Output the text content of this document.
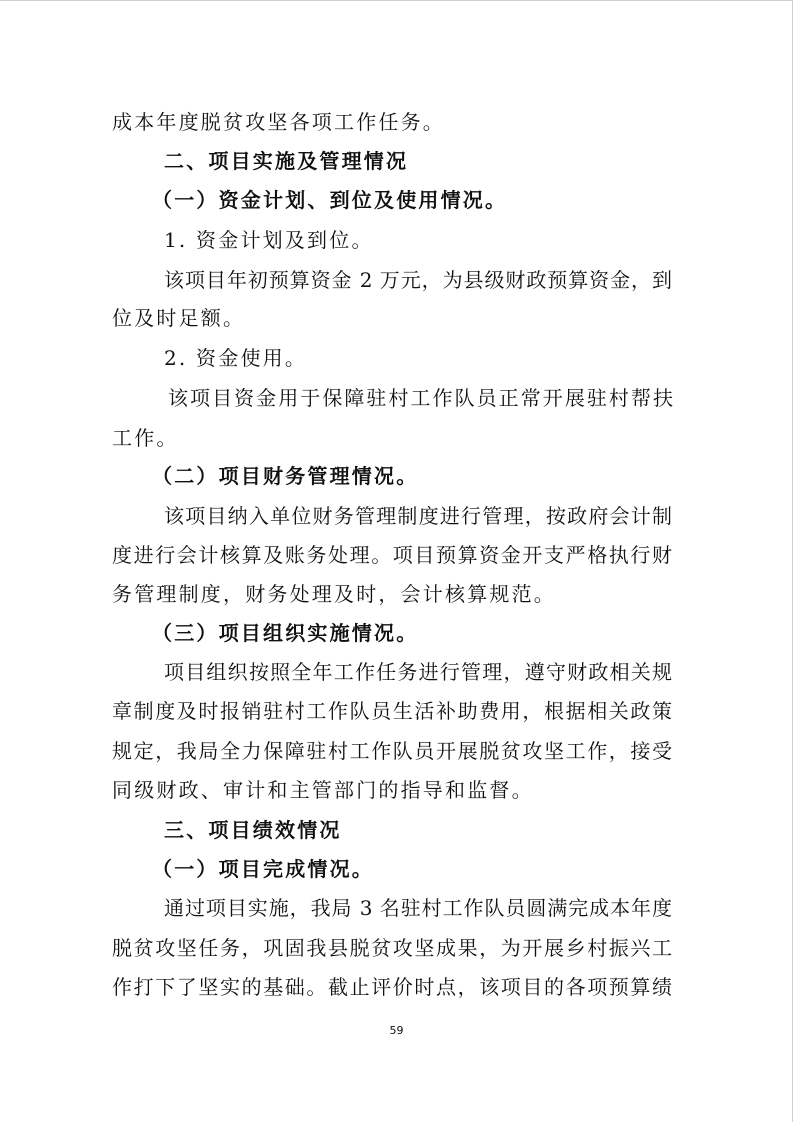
成本年度脱贫攻坚各项工作任务。
二、项目实施及管理情况
（一）资金计划、到位及使用情况。
1. 资金计划及到位。
该项目年初预算资金 2 万元，为县级财政预算资金，到
位及时足额。
2. 资金使用。
该项目资金用于保障驻村工作队员正常开展驻村帮扶
工作。
（二）项目财务管理情况。
该项目纳入单位财务管理制度进行管理，按政府会计制
度进行会计核算及账务处理。项目预算资金开支严格执行财
务管理制度，财务处理及时，会计核算规范。
（三）项目组织实施情况。
项目组织按照全年工作任务进行管理，遵守财政相关规
章制度及时报销驻村工作队员生活补助费用，根据相关政策
规定，我局全力保障驻村工作队员开展脱贫攻坚工作，接受
同级财政、审计和主管部门的指导和监督。
三、项目绩效情况
（一）项目完成情况。
通过项目实施，我局 3 名驻村工作队员圆满完成本年度
脱贫攻坚任务，巩固我县脱贫攻坚成果，为开展乡村振兴工
作打下了坚实的基础。截止评价时点，该项目的各项预算绩
59
